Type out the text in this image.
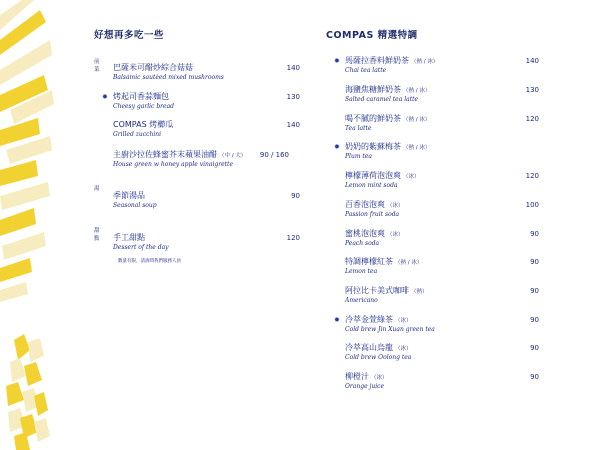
好想再多吃一些
前菜
湯
甜點
巴薩米可醋炒綜合菇菇
Balsamic sautéed mixed mushrooms
140
✹ 烤起司香蒜麵包
Cheesy garlic bread
130
COMPAS 烤櫛瓜
Grilled zucchini
140
主廚沙拉佐蜂蜜芥末蘋果油醋 （中 / 大）
House green w honey apple vinaigrette
90 / 160
季節湯品
Seasonal soup
90
手工甜點
Dessert of the day
120
數量有限，請詢問我們服務人員
COMPAS 精選特調
✹ 馬薩拉香料鮮奶茶 （熱 / 冰）
Chai tea latte
140
海鹽焦糖鮮奶茶 （熱 / 冰）
Salted caramel tea latte
130
喝不膩的鮮奶茶 （熱 / 冰）
Tea latte
120
✹ 奶奶的紫蘇梅茶 （熱 / 冰）
Plum tea
檸檬薄荷泡泡爽 （冰）
Lemon mint soda
120
百香泡泡爽 （冰）
Passion fruit soda
100
蜜桃泡泡爽 （冰）
Peach soda
90
特調檸檬紅茶 （熱 / 冰）
Lemon tea
90
阿拉比卡美式咖啡 （熱）
Americano
90
✹ 冷萃金萱綠茶 （冰）
Cold brew Jin Xuan green tea
90
冷萃高山烏龍 （冰）
Cold brew Oolong tea
90
柳橙汁 （冰）
Orange juice
90
